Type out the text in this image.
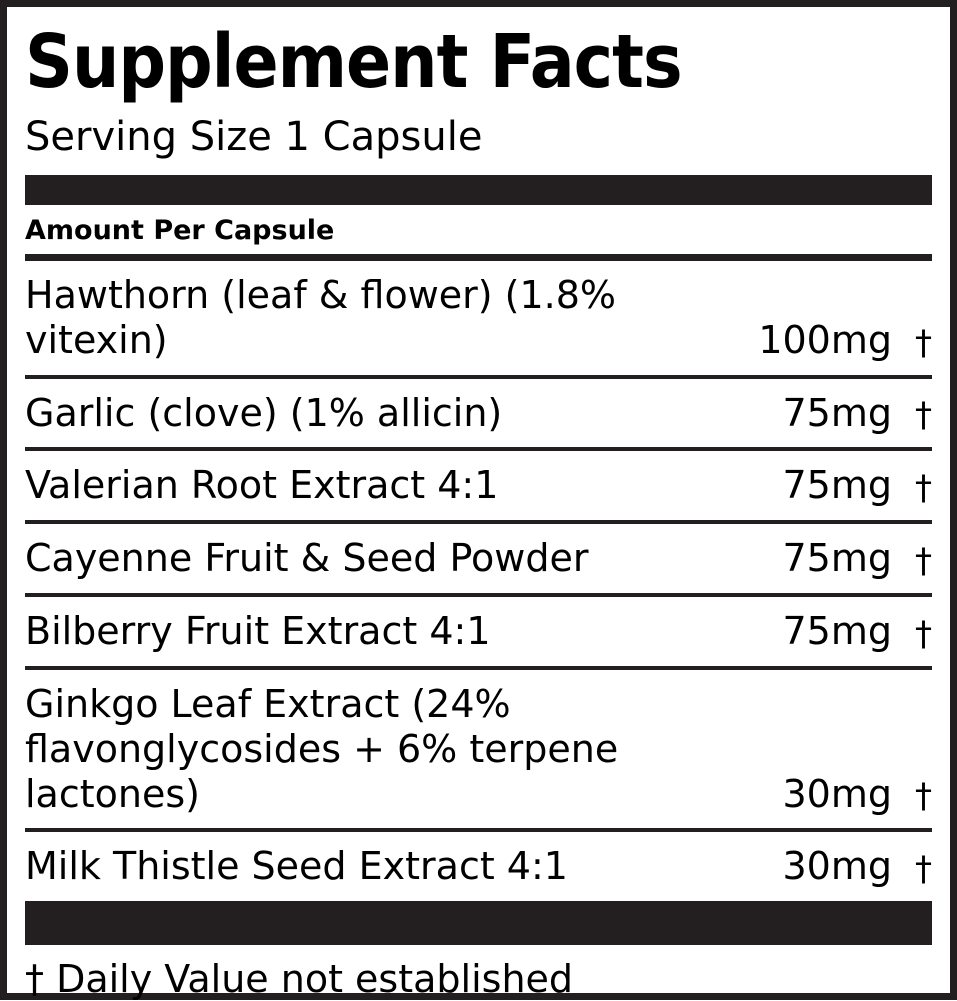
Supplement Facts
Serving Size 1 Capsule
Amount Per Capsule
Hawthorn (leaf & flower) (1.8% vitexin)	100mg †
Garlic (clove) (1% allicin)	75mg †
Valerian Root Extract 4:1	75mg †
Cayenne Fruit & Seed Powder	75mg †
Bilberry Fruit Extract 4:1	75mg †
Ginkgo Leaf Extract (24% flavonglycosides + 6% terpene lactones)	30mg †
Milk Thistle Seed Extract 4:1	30mg †
† Daily Value not established
